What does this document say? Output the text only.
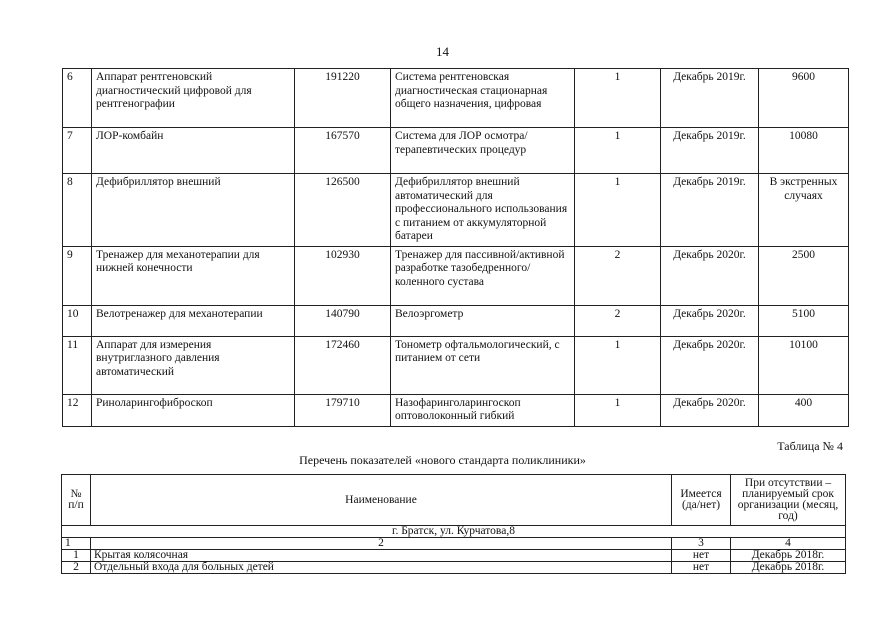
14
6	Аппарат рентгеновский диагностический цифровой для рентгенографии	191220	Система рентгеновская диагностическая стационарная общего назначения, цифровая	1	Декабрь 2019г.	9600
7	ЛОР-комбайн	167570	Система для ЛОР осмотра/терапевтических процедур	1	Декабрь 2019г.	10080
8	Дефибриллятор внешний	126500	Дефибриллятор внешний автоматический для профессионального использования с питанием от аккумуляторной батареи	1	Декабрь 2019г.	В экстренных случаях
9	Тренажер для механотерапии для нижней конечности	102930	Тренажер для пассивной/активной разработке тазобедренного/коленного сустава	2	Декабрь 2020г.	2500
10	Велотренажер для механотерапии	140790	Велоэргометр	2	Декабрь 2020г.	5100
11	Аппарат для измерения внутриглазного давления автоматический	172460	Тонометр офтальмологический, с питанием от сети	1	Декабрь 2020г.	10100
12	Риноларингофиброскоп	179710	Назофаринголарингоскоп оптоволоконный гибкий	1	Декабрь 2020г.	400
Таблица № 4
Перечень показателей «нового стандарта поликлиники»
№ п/п	Наименование	Имеется (да/нет)	При отсутствии – планируемый срок организации (месяц, год)
г. Братск, ул. Курчатова,8			
1	2	3	4
1	Крытая колясочная	нет	Декабрь 2018г.
2	Отдельный входа для больных детей	нет	Декабрь 2018г.
